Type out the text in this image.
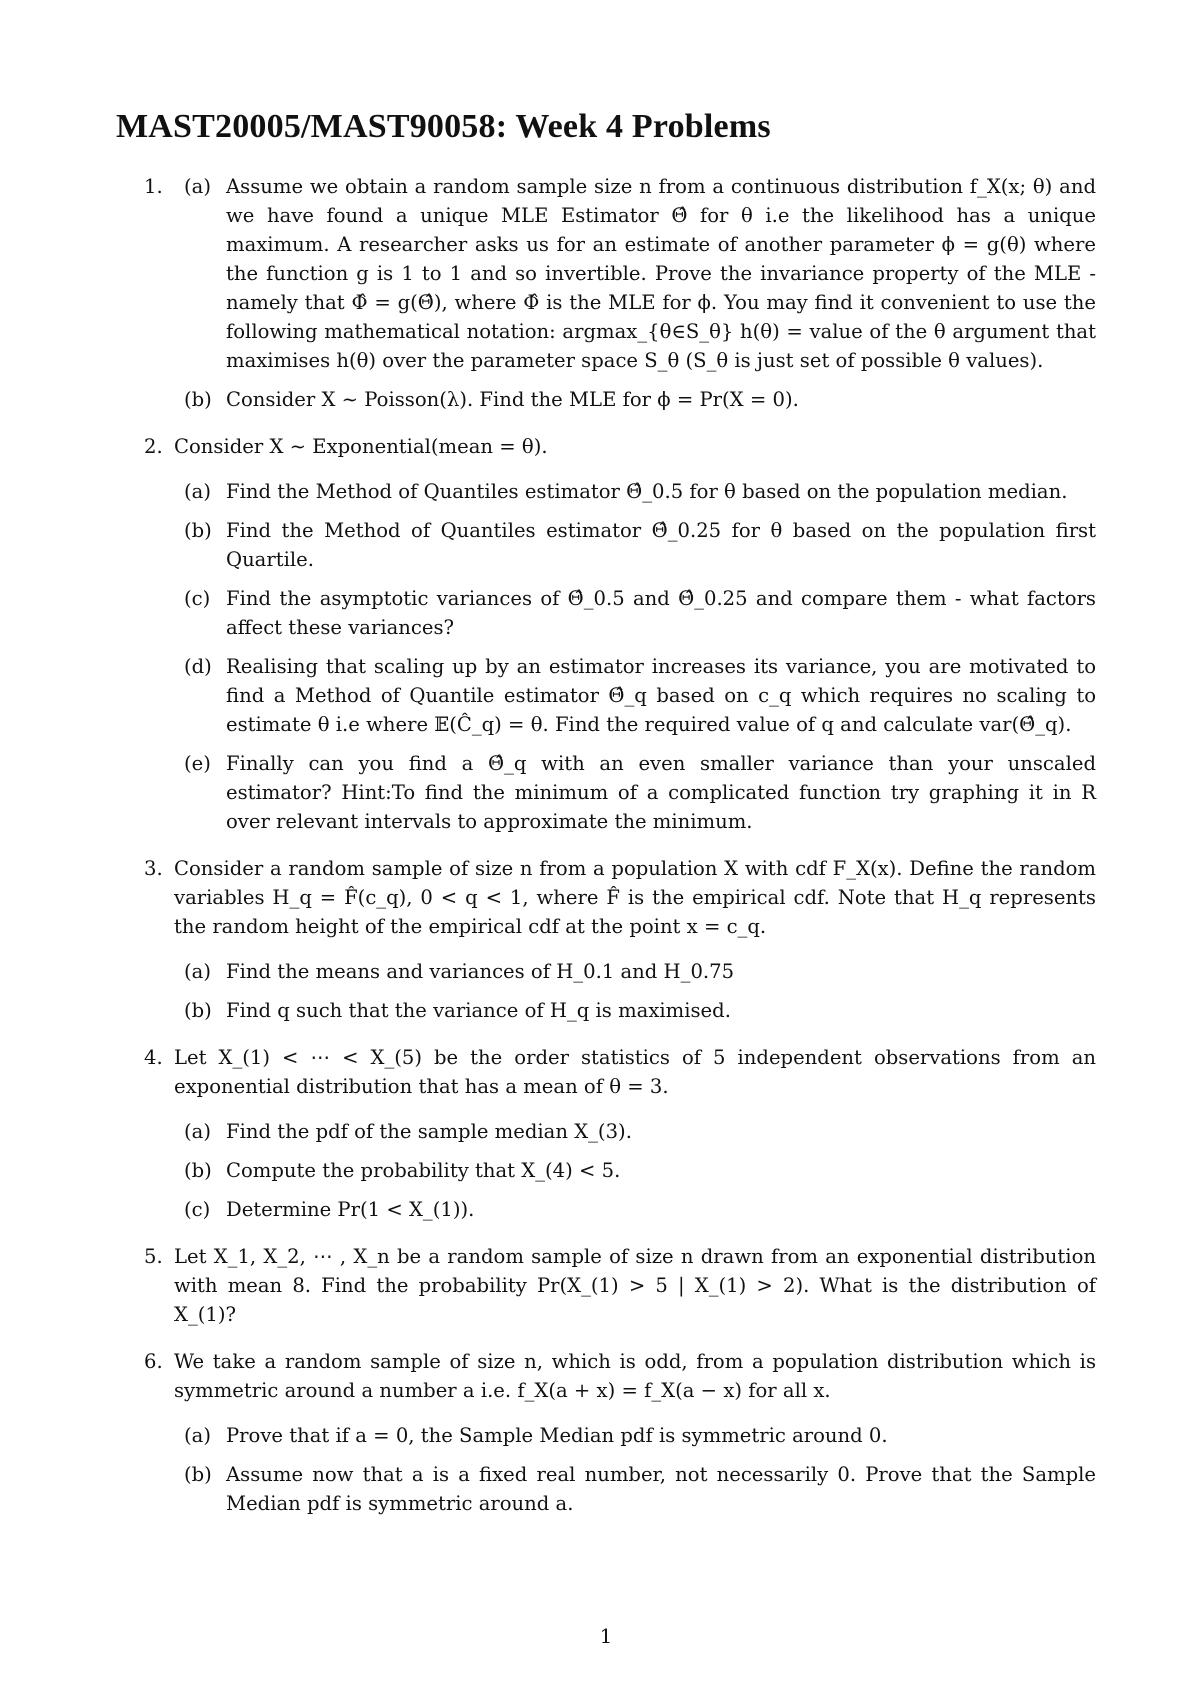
MAST20005/MAST90058: Week 4 Problems
1. (a) Assume we obtain a random sample size n from a continuous distribution f_X(x; θ) and we have found a unique MLE Estimator Θ̂ for θ i.e the likelihood has a unique maximum. A researcher asks us for an estimate of another parameter ϕ = g(θ) where the function g is 1 to 1 and so invertible. Prove the invariance property of the MLE - namely that Φ̂ = g(Θ̂), where Φ̂ is the MLE for ϕ. You may find it convenient to use the following mathematical notation: argmax_{θ∈S_θ} h(θ) = value of the θ argument that maximises h(θ) over the parameter space S_θ (S_θ is just set of possible θ values).
(b) Consider X ∼ Poisson(λ). Find the MLE for ϕ = Pr(X = 0).
2. Consider X ∼ Exponential(mean = θ).

(a) Find the Method of Quantiles estimator Θ̂_0.5 for θ based on the population median.
(b) Find the Method of Quantiles estimator Θ̂_0.25 for θ based on the population first Quartile.
(c) Find the asymptotic variances of Θ̂_0.5 and Θ̂_0.25 and compare them - what factors affect these variances?
(d) Realising that scaling up by an estimator increases its variance, you are motivated to find a Method of Quantile estimator Θ̂_q based on c_q which requires no scaling to estimate θ i.e where 𝔼(Ĉ_q) = θ. Find the required value of q and calculate var(Θ̂_q).
(e) Finally can you find a Θ̂_q with an even smaller variance than your unscaled estimator? Hint:To find the minimum of a complicated function try graphing it in R over relevant intervals to approximate the minimum.
3. Consider a random sample of size n from a population X with cdf F_X(x). Define the random variables H_q = F̂(c_q), 0 < q < 1, where F̂ is the empirical cdf. Note that H_q represents the random height of the empirical cdf at the point x = c_q.

(a) Find the means and variances of H_0.1 and H_0.75
(b) Find q such that the variance of H_q is maximised.
4. Let X_(1) < ⋯ < X_(5) be the order statistics of 5 independent observations from an exponential distribution that has a mean of θ = 3.

(a) Find the pdf of the sample median X_(3).
(b) Compute the probability that X_(4) < 5.
(c) Determine Pr(1 < X_(1)).
5. Let X_1, X_2, ⋯ , X_n be a random sample of size n drawn from an exponential distribution with mean 8. Find the probability Pr(X_(1) > 5 | X_(1) > 2). What is the distribution of X_(1)?

6. We take a random sample of size n, which is odd, from a population distribution which is symmetric around a number a i.e. f_X(a + x) = f_X(a − x) for all x.

(a) Prove that if a = 0, the Sample Median pdf is symmetric around 0.
(b) Assume now that a is a fixed real number, not necessarily 0. Prove that the Sample Median pdf is symmetric around a.
1
